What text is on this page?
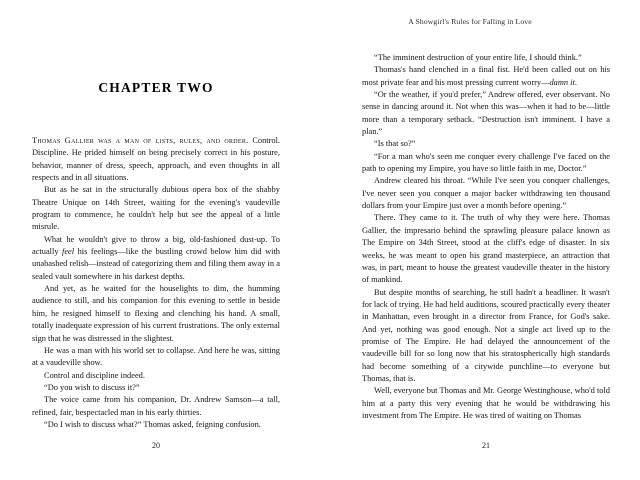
A Showgirl's Rules for Falling in Love
CHAPTER TWO

Thomas Gallier was a man of lists, rules, and order. Control. Discipline. He prided himself on being precisely correct in his posture, behavior, manner of dress, speech, approach, and even thoughts in all respects and in all situations.

But as he sat in the structurally dubious opera box of the shabby Theatre Unique on 14th Street, waiting for the evening's vaudeville program to commence, he couldn't help but see the appeal of a little misrule.

What he wouldn't give to throw a big, old-fashioned dust-up. To actually feel his feelings—like the bustling crowd below him did with unabashed relish—instead of categorizing them and filing them away in a sealed vault somewhere in his darkest depths.

And yet, as he waited for the houselights to dim, the humming audience to still, and his companion for this evening to settle in beside him, he resigned himself to flexing and clenching his hand. A small, totally inadequate expression of his current frustrations. The only external sign that he was distressed in the slightest.

He was a man with his world set to collapse. And here he was, sitting at a vaudeville show.

Control and discipline indeed.

“Do you wish to discuss it?”

The voice came from his companion, Dr. Andrew Samson—a tall, refined, fair, bespectacled man in his early thirties.

“Do I wish to discuss what?” Thomas asked, feigning confusion.

“The imminent destruction of your entire life, I should think.”

Thomas's hand clenched in a final fist. He'd been called out on his most private fear and his most pressing current worry—damn it.

“Or the weather, if you'd prefer,” Andrew offered, ever observant. No sense in dancing around it. Not when this was—when it had to be—little more than a temporary setback. “Destruction isn't imminent. I have a plan.”

“Is that so?”

“For a man who's seen me conquer every challenge I've faced on the path to opening my Empire, you have so little faith in me, Doctor.”

Andrew cleared his throat. “While I've seen you conquer challenges, I've never seen you conquer a major backer withdrawing ten thousand dollars from your Empire just over a month before opening.”

There. They came to it. The truth of why they were here. Thomas Gallier, the impresario behind the sprawling pleasure palace known as The Empire on 34th Street, stood at the cliff's edge of disaster. In six weeks, he was meant to open his grand masterpiece, an attraction that was, in part, meant to house the greatest vaudeville theater in the history of mankind.

But despite months of searching, he still hadn't a headliner. It wasn't for lack of trying. He had held auditions, scoured practically every theater in Manhattan, even brought in a director from France, for God's sake. And yet, nothing was good enough. Not a single act lived up to the promise of The Empire. He had delayed the announcement of the vaudeville bill for so long now that his stratospherically high standards had become something of a citywide punchline—to everyone but Thomas, that is.

Well, everyone but Thomas and Mr. George Westinghouse, who'd told him at a party this very evening that he would be withdrawing his investment from The Empire. He was tired of waiting on Thomas

20	21
